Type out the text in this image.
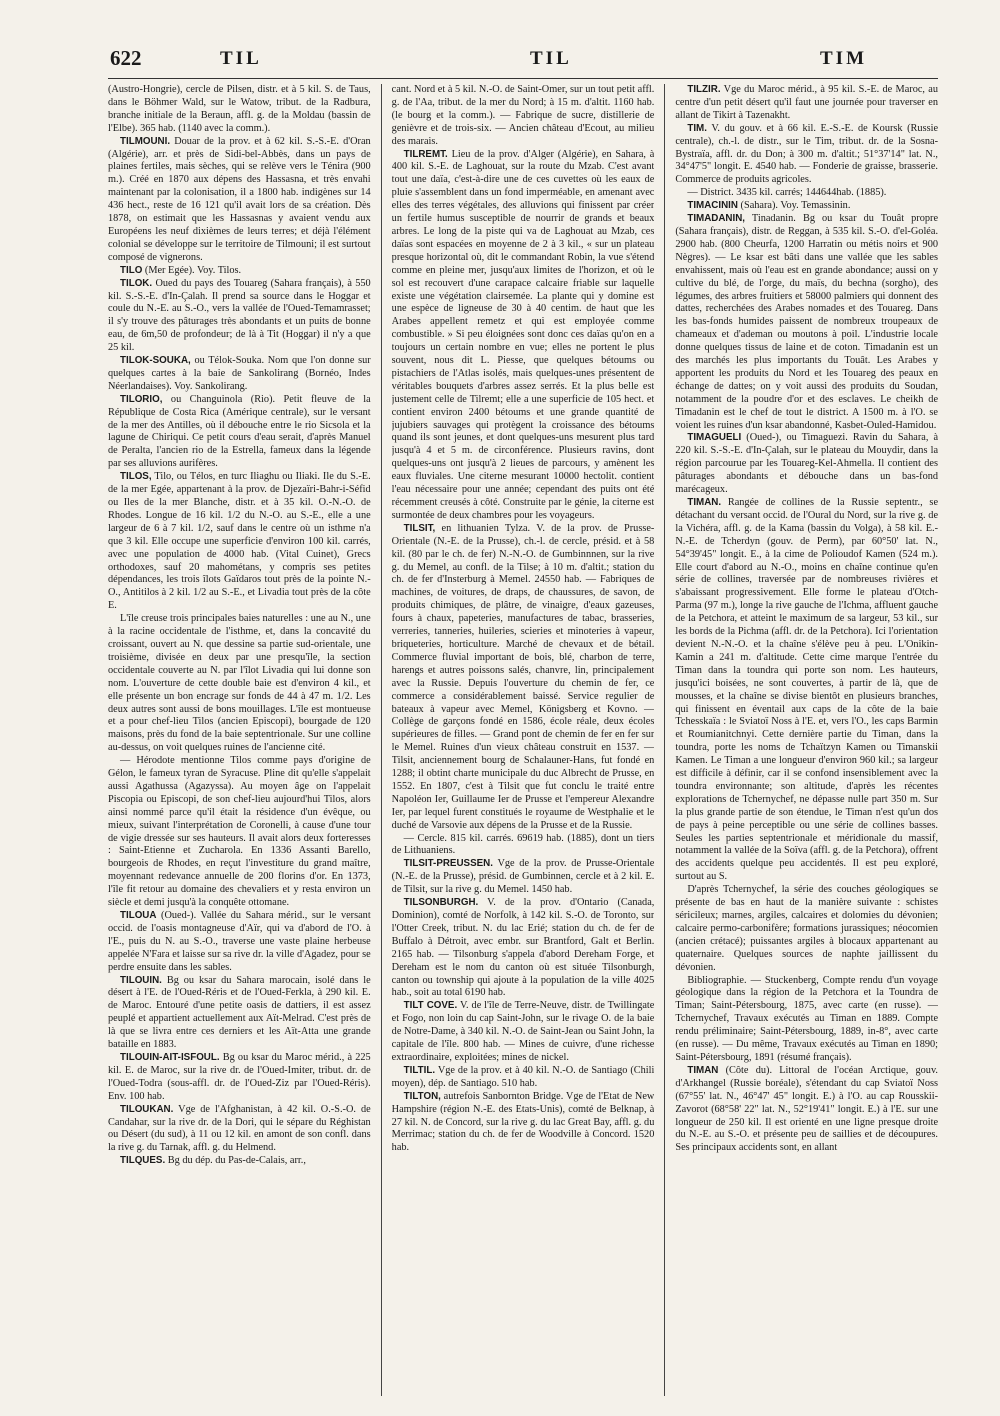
622	TIL	TIL	TIM

(Austro-Hongrie), cercle de Pilsen, distr. et à 5 kil. S. de Taus, dans le Böhmer Wald, sur le Watow, tribut. de la Radbura, branche initiale de la Beraun, affl. g. de la Moldau (bassin de l'Elbe). 365 hab. (1140 avec la comm.).

TILMOUNI. Douar de la prov. et à 62 kil. S.-S.-E. d'Oran (Algérie), arr. et près de Sidi-bel-Abbès, dans un pays de plaines fertiles, mais sèches, qui se relève vers le Ténira (900 m.). Créé en 1870 aux dépens des Hassasna, et très envahi maintenant par la colonisation, il a 1800 hab. indigènes sur 14 436 hect., reste de 16 121 qu'il avait lors de sa création. Dès 1878, on estimait que les Hassasnas y avaient vendu aux Européens les neuf dixièmes de leurs terres; et déjà l'élément colonial se développe sur le territoire de Tilmouni; il est surtout composé de vignerons.

TILO (Mer Egée). Voy. Tilos.

TILOK. Oued du pays des Touareg (Sahara français), à 550 kil. S.-S.-E. d'In-Çalah. Il prend sa source dans le Hoggar et coule du N.-E. au S.-O., vers la vallée de l'Oued-Temamrasset; il s'y trouve des pâturages très abondants et un puits de bonne eau, de 6m,50 de profondeur; de là à Tit (Hoggar) il n'y a que 25 kil.

TILOK-SOUKA, ou Télok-Souka. Nom que l'on donne sur quelques cartes à la baie de Sankolirang (Bornéo, Indes Néerlandaises). Voy. Sankolirang.

TILORIO, ou Changuinola (Rio). Petit fleuve de la République de Costa Rica (Amérique centrale), sur le versant de la mer des Antilles, où il débouche entre le rio Sicsola et la lagune de Chiriqui. Ce petit cours d'eau serait, d'après Manuel de Peralta, l'ancien rio de la Estrella, fameux dans la légende par ses alluvions aurifères.

TILOS, Tilo, ou Télos, en turc Iliaghu ou Iliaki. Ile du S.-E. de la mer Egée, appartenant à la prov. de Djezaïri-Bahr-i-Séfid ou Iles de la mer Blanche, distr. et à 35 kil. O.-N.-O. de Rhodes. Longue de 16 kil. 1/2 du N.-O. au S.-E., elle a une largeur de 6 à 7 kil. 1/2, sauf dans le centre où un isthme n'a que 3 kil. Elle occupe une superficie d'environ 100 kil. carrés, avec une population de 4000 hab. (Vital Cuinet), Grecs orthodoxes, sauf 20 mahométans, y compris ses petites dépendances, les trois îlots Gaïdaros tout près de la pointe N.-O., Antitilos à 2 kil. 1/2 au S.-E., et Livadia tout près de la côte E.

L'île creuse trois principales baies naturelles : une au N., une à la racine occidentale de l'isthme, et, dans la concavité du croissant, ouvert au N. que dessine sa partie sud-orientale, une troisième, divisée en deux par une presqu'île, la section occidentale couverte au N. par l'îlot Livadia qui lui donne son nom. L'ouverture de cette double baie est d'environ 4 kil., et elle présente un bon encrage sur fonds de 44 à 47 m. 1/2. Les deux autres sont aussi de bons mouillages. L'île est montueuse et a pour chef-lieu Tilos (ancien Episcopi), bourgade de 120 maisons, près du fond de la baie septentrionale. Sur une colline au-dessus, on voit quelques ruines de l'ancienne cité.

— Hérodote mentionne Tilos comme pays d'origine de Gélon, le fameux tyran de Syracuse. Pline dit qu'elle s'appelait aussi Agathussa (Agazyssa). Au moyen âge on l'appelait Piscopia ou Episcopi, de son chef-lieu aujourd'hui Tilos, alors ainsi nommé parce qu'il était la résidence d'un évêque, ou mieux, suivant l'interprétation de Coronelli, à cause d'une tour de vigie dressée sur ses hauteurs. Il avait alors deux forteresses : Saint-Etienne et Zucharola. En 1336 Assanti Barello, bourgeois de Rhodes, en reçut l'investiture du grand maître, moyennant redevance annuelle de 200 florins d'or. En 1373, l'île fit retour au domaine des chevaliers et y resta environ un siècle et demi jusqu'à la conquête ottomane.

TILOUA (Oued-). Vallée du Sahara mérid., sur le versant occid. de l'oasis montagneuse d'Aïr, qui va d'abord de l'O. à l'E., puis du N. au S.-O., traverse une vaste plaine herbeuse appelée N'Fara et laisse sur sa rive dr. la ville d'Agadez, pour se perdre ensuite dans les sables.

TILOUIN. Bg ou ksar du Sahara marocain, isolé dans le désert à l'E. de l'Oued-Réris et de l'Oued-Ferkla, à 290 kil. E. de Maroc. Entouré d'une petite oasis de dattiers, il est assez peuplé et appartient actuellement aux Aït-Melrad. C'est près de là que se livra entre ces derniers et les Aït-Atta une grande bataille en 1883.

TILOUIN-AIT-ISFOUL. Bg ou ksar du Maroc mérid., à 225 kil. E. de Maroc, sur la rive dr. de l'Oued-Imiter, tribut. dr. de l'Oued-Todra (sous-affl. dr. de l'Oued-Ziz par l'Oued-Réris). Env. 100 hab.

TILOUKAN. Vge de l'Afghanistan, à 42 kil. O.-S.-O. de Candahar, sur la rive dr. de la Dori, qui le sépare du Réghistan ou Désert (du sud), à 11 ou 12 kil. en amont de son confl. dans la rive g. du Tarnak, affl. g. du Helmend.

TILQUES. Bg du dép. du Pas-de-Calais, arr.,

cant. Nord et à 5 kil. N.-O. de Saint-Omer, sur un tout petit affl. g. de l'Aa, tribut. de la mer du Nord; à 15 m. d'altit. 1160 hab. (le bourg et la comm.). — Fabrique de sucre, distillerie de genièvre et de trois-six. — Ancien château d'Ecout, au milieu des marais.

TILREMT. Lieu de la prov. d'Alger (Algérie), en Sahara, à 400 kil. S.-E. de Laghouat, sur la route du Mzab. C'est avant tout une daïa, c'est-à-dire une de ces cuvettes où les eaux de pluie s'assemblent dans un fond imperméable, en amenant avec elles des terres végétales, des alluvions qui finissent par créer un fertile humus susceptible de nourrir de grands et beaux arbres. Le long de la piste qui va de Laghouat au Mzab, ces daïas sont espacées en moyenne de 2 à 3 kil., « sur un plateau presque horizontal où, dit le commandant Robin, la vue s'étend comme en pleine mer, jusqu'aux limites de l'horizon, et où le sol est recouvert d'une carapace calcaire friable sur laquelle existe une végétation clairsemée. La plante qui y domine est une espèce de ligneuse de 30 à 40 centim. de haut que les Arabes appellent remetz et qui est employée comme combustible. » Si peu éloignées sont donc ces daïas qu'on en a toujours un certain nombre en vue; elles ne portent le plus souvent, nous dit L. Piesse, que quelques bétoums ou pistachiers de l'Atlas isolés, mais quelques-unes présentent de véritables bouquets d'arbres assez serrés. Et la plus belle est justement celle de Tilremt; elle a une superficie de 105 hect. et contient environ 2400 bétoums et une grande quantité de jujubiers sauvages qui protègent la croissance des bétoums quand ils sont jeunes, et dont quelques-uns mesurent plus tard jusqu'à 4 et 5 m. de circonférence. Plusieurs ravins, dont quelques-uns ont jusqu'à 2 lieues de parcours, y amènent les eaux fluviales. Une citerne mesurant 10000 hectolit. contient l'eau nécessaire pour une année; cependant des puits ont été récemment creusés à côté. Construite par le génie, la citerne est surmontée de deux chambres pour les voyageurs.

TILSIT, en lithuanien Tylza. V. de la prov. de Prusse-Orientale (N.-E. de la Prusse), ch.-l. de cercle, présid. et à 58 kil. (80 par le ch. de fer) N.-N.-O. de Gumbinnnen, sur la rive g. du Memel, au confl. de la Tilse; à 10 m. d'altit.; station du ch. de fer d'Insterburg à Memel. 24550 hab. — Fabriques de machines, de voitures, de draps, de chaussures, de savon, de produits chimiques, de plâtre, de vinaigre, d'eaux gazeuses, fours à chaux, papeteries, manufactures de tabac, brasseries, verreries, tanneries, huileries, scieries et minoteries à vapeur, briqueteries, horticulture. Marché de chevaux et de bétail. Commerce fluvial important de bois, blé, charbon de terre, harengs et autres poissons salés, chanvre, lin, principalement avec la Russie. Depuis l'ouverture du chemin de fer, ce commerce a considérablement baissé. Service regulier de bateaux à vapeur avec Memel, Königsberg et Kovno. — Collège de garçons fondé en 1586, école réale, deux écoles supérieures de filles. — Grand pont de chemin de fer en fer sur le Memel. Ruines d'un vieux château construit en 1537. — Tilsit, anciennement bourg de Schalauner-Hans, fut fondé en 1288; il obtint charte municipale du duc Albrecht de Prusse, en 1552. En 1807, c'est à Tilsit que fut conclu le traité entre Napoléon Ier, Guillaume Ier de Prusse et l'empereur Alexandre Ier, par lequel furent constitués le royaume de Westphalie et le duché de Varsovie aux dépens de la Prusse et de la Russie.

— Cercle. 815 kil. carrés. 69619 hab. (1885), dont un tiers de Lithuaniens.

TILSIT-PREUSSEN. Vge de la prov. de Prusse-Orientale (N.-E. de la Prusse), présid. de Gumbinnen, cercle et à 2 kil. E. de Tilsit, sur la rive g. du Memel. 1450 hab.

TILSONBURGH. V. de la prov. d'Ontario (Canada, Dominion), comté de Norfolk, à 142 kil. S.-O. de Toronto, sur l'Otter Creek, tribut. N. du lac Erié; station du ch. de fer de Buffalo à Détroit, avec embr. sur Brantford, Galt et Berlin. 2165 hab. — Tilsonburg s'appela d'abord Dereham Forge, et Dereham est le nom du canton où est située Tilsonburgh, canton ou township qui ajoute à la population de la ville 4025 hab., soit au total 6190 hab.

TILT COVE. V. de l'île de Terre-Neuve, distr. de Twillingate et Fogo, non loin du cap Saint-John, sur le rivage O. de la baie de Notre-Dame, à 340 kil. N.-O. de Saint-Jean ou Saint John, la capitale de l'île. 800 hab. — Mines de cuivre, d'une richesse extraordinaire, exploitées; mines de nickel.

TILTIL. Vge de la prov. et à 40 kil. N.-O. de Santiago (Chili moyen), dép. de Santiago. 510 hab.

TILTON, autrefois Sanbornton Bridge. Vge de l'Etat de New Hampshire (région N.-E. des Etats-Unis), comté de Belknap, à 27 kil. N. de Concord, sur la rive g. du lac Great Bay, affl. g. du Merrimac; station du ch. de fer de Woodville à Concord. 1520 hab.

TILZIR. Vge du Maroc mérid., à 95 kil. S.-E. de Maroc, au centre d'un petit désert qu'il faut une journée pour traverser en allant de Tikirt à Tazenakht.

TIM. V. du gouv. et à 66 kil. E.-S.-E. de Koursk (Russie centrale), ch.-l. de distr., sur le Tim, tribut. dr. de la Sosna-Bystraïa, affl. dr. du Don; à 300 m. d'altit.; 51°37'14" lat. N., 34°47'5" longit. E. 4540 hab. — Fonderie de graisse, brasserie. Commerce de produits agricoles.

— District. 3435 kil. carrés; 144644hab. (1885).

TIMACININ (Sahara). Voy. Temassinin.

TIMADANIN, Tinadanin. Bg ou ksar du Touât propre (Sahara français), distr. de Reggan, à 535 kil. S.-O. d'el-Goléa. 2900 hab. (800 Cheurfa, 1200 Harratin ou métis noirs et 900 Nègres). — Le ksar est bâti dans une vallée que les sables envahissent, mais où l'eau est en grande abondance; aussi on y cultive du blé, de l'orge, du maïs, du bechna (sorgho), des légumes, des arbres fruitiers et 58000 palmiers qui donnent des dattes, recherchées des Arabes nomades et des Touareg. Dans les bas-fonds humides paissent de nombreux troupeaux de chameaux et d'ademan ou moutons à poil. L'industrie locale donne quelques tissus de laine et de coton. Timadanin est un des marchés les plus importants du Touât. Les Arabes y apportent les produits du Nord et les Touareg des peaux en échange de dattes; on y voit aussi des produits du Soudan, notamment de la poudre d'or et des esclaves. Le cheikh de Timadanin est le chef de tout le district. A 1500 m. à l'O. se voient les ruines d'un ksar abandonné, Kasbet-Ouled-Hamidou.

TIMAGUELI (Oued-), ou Timaguezi. Ravin du Sahara, à 220 kil. S.-S.-E. d'In-Çalah, sur le plateau du Mouydir, dans la région parcourue par les Touareg-Kel-Ahmella. Il contient des pâturages abondants et débouche dans un bas-fond marécageux.

TIMAN. Rangée de collines de la Russie septentr., se détachant du versant occid. de l'Oural du Nord, sur la rive g. de la Vichéra, affl. g. de la Kama (bassin du Volga), à 58 kil. E.-N.-E. de Tcherdyn (gouv. de Perm), par 60°50' lat. N., 54°39'45" longit. E., à la cime de Polioudof Kamen (524 m.). Elle court d'abord au N.-O., moins en chaîne continue qu'en série de collines, traversée par de nombreuses rivières et s'abaissant progressivement. Elle forme le plateau d'Otch-Parma (97 m.), longe la rive gauche de l'Ichma, affluent gauche de la Petchora, et atteint le maximum de sa largeur, 53 kil., sur les bords de la Pichma (affl. dr. de la Petchora). Ici l'orientation devient N.-N.-O. et la chaîne s'élève peu à peu. L'Onikin-Kamin a 241 m. d'altitude. Cette cime marque l'entrée du Timan dans la toundra qui porte son nom. Les hauteurs, jusqu'ici boisées, ne sont couvertes, à partir de là, que de mousses, et la chaîne se divise bientôt en plusieurs branches, qui finissent en éventail aux caps de la côte de la baie Tchesskaïa : le Sviatoï Noss à l'E. et, vers l'O., les caps Barmin et Roumianitchnyi. Cette dernière partie du Timan, dans la toundra, porte les noms de Tchaïtzyn Kamen ou Timanskii Kamen. Le Timan a une longueur d'environ 960 kil.; sa largeur est difficile à définir, car il se confond insensiblement avec la toundra environnante; son altitude, d'après les récentes explorations de Tchernychef, ne dépasse nulle part 350 m. Sur la plus grande partie de son étendue, le Timan n'est qu'un dos de pays à peine perceptible ou une série de collines basses. Seules les parties septentrionale et méridionale du massif, notamment la vallée de la Soïva (affl. g. de la Petchora), offrent des accidents quelque peu accidentés. Il est peu exploré, surtout au S.

D'après Tchernychef, la série des couches géologiques se présente de bas en haut de la manière suivante : schistes séricileux; marnes, argiles, calcaires et dolomies du dévonien; calcaire permo-carbonifère; formations jurassiques; néocomien (ancien crétacé); puissantes argiles à blocaux appartenant au quaternaire. Quelques sources de naphte jaillissent du dévonien.

Bibliographie. — Stuckenberg, Compte rendu d'un voyage géologique dans la région de la Petchora et la Toundra de Timan; Saint-Pétersbourg, 1875, avec carte (en russe). — Tchernychef, Travaux exécutés au Timan en 1889. Compte rendu préliminaire; Saint-Pétersbourg, 1889, in-8°, avec carte (en russe). — Du même, Travaux exécutés au Timan en 1890; Saint-Pétersbourg, 1891 (résumé français).

TIMAN (Côte du). Littoral de l'océan Arctique, gouv. d'Arkhangel (Russie boréale), s'étendant du cap Sviatoï Noss (67°55' lat. N., 46°47' 45" longit. E.) à l'O. au cap Rousskii-Zavorot (68°58' 22" lat. N., 52°19'41" longit. E.) à l'E. sur une longueur de 250 kil. Il est orienté en une ligne presque droite du N.-E. au S.-O. et présente peu de saillies et de découpures. Ses principaux accidents sont, en allant
